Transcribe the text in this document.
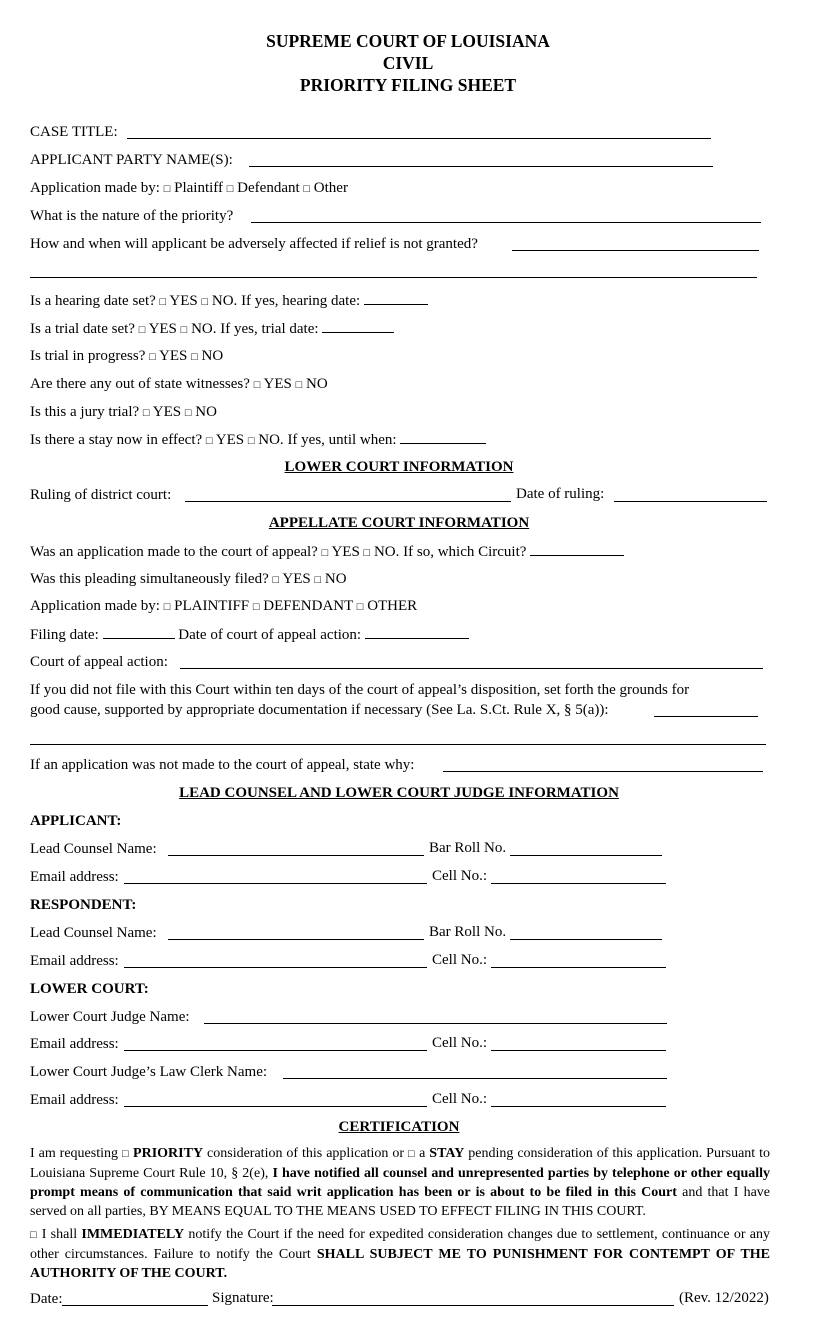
SUPREME COURT OF LOUISIANA
CIVIL
PRIORITY FILING SHEET
CASE TITLE:
APPLICANT PARTY NAME(S):
Application made by: □ Plaintiff □ Defendant □ Other
What is the nature of the priority?
How and when will applicant be adversely affected if relief is not granted?
Is a hearing date set? □ YES □ NO. If yes, hearing date:
Is a trial date set? □ YES □ NO. If yes, trial date:
Is trial in progress? □ YES □ NO
Are there any out of state witnesses? □ YES □ NO
Is this a jury trial? □ YES □ NO
Is there a stay now in effect? □ YES □ NO. If yes, until when:
LOWER COURT INFORMATION
Ruling of district court:	Date of ruling:
APPELLATE COURT INFORMATION
Was an application made to the court of appeal? □ YES □ NO. If so, which Circuit?
Was this pleading simultaneously filed? □ YES □ NO
Application made by: □ PLAINTIFF □ DEFENDANT □ OTHER
Filing date:	Date of court of appeal action:
Court of appeal action:
If you did not file with this Court within ten days of the court of appeal’s disposition, set forth the grounds for
good cause, supported by appropriate documentation if necessary (See La. S.Ct. Rule X, § 5(a)):
If an application was not made to the court of appeal, state why:
LEAD COUNSEL AND LOWER COURT JUDGE INFORMATION
APPLICANT:
Lead Counsel Name:	Bar Roll No.
Email address:	Cell No.:
RESPONDENT:
Lead Counsel Name:	Bar Roll No.
Email address:	Cell No.:
LOWER COURT:
Lower Court Judge Name:
Email address:	Cell No.:
Lower Court Judge’s Law Clerk Name:
Email address:	Cell No.:
CERTIFICATION
I am requesting □ PRIORITY consideration of this application or □ a STAY pending consideration of this application. Pursuant to Louisiana Supreme Court Rule 10, § 2(e), I have notified all counsel and unrepresented parties by telephone or other equally prompt means of communication that said writ application has been or is about to be filed in this Court and that I have served on all parties, BY MEANS EQUAL TO THE MEANS USED TO EFFECT FILING IN THIS COURT.
□ I shall IMMEDIATELY notify the Court if the need for expedited consideration changes due to settlement, continuance or any other circumstances. Failure to notify the Court SHALL SUBJECT ME TO PUNISHMENT FOR CONTEMPT OF THE AUTHORITY OF THE COURT.
Date:	Signature:	(Rev. 12/2022)
